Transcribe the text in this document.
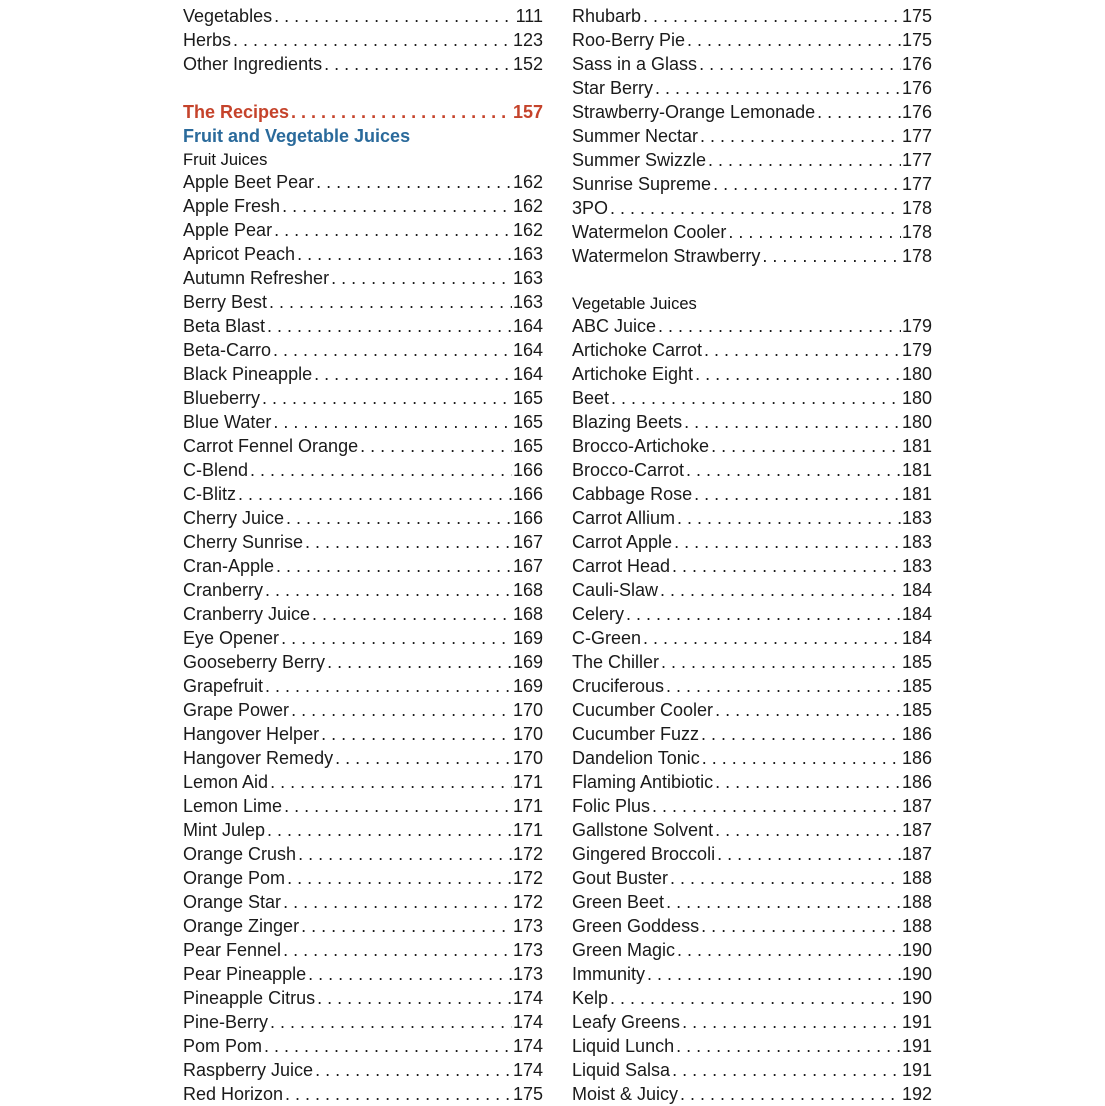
Vegetables . . .	111
Herbs . . .	123
Other Ingredients . . .	152
The Recipes . . .	157
Fruit and Vegetable Juices
Fruit Juices
Apple Beet Pear . . .	162
Apple Fresh . . .	162
Apple Pear . . .	162
Apricot Peach . . .	163
Autumn Refresher . . .	163
Berry Best . . .	163
Beta Blast . . .	164
Beta-Carro . . .	164
Black Pineapple . . .	164
Blueberry . . .	165
Blue Water . . .	165
Carrot Fennel Orange . . .	165
C-Blend . . .	166
C-Blitz . . .	166
Cherry Juice . . .	166
Cherry Sunrise . . .	167
Cran-Apple . . .	167
Cranberry . . .	168
Cranberry Juice . . .	168
Eye Opener . . .	169
Gooseberry Berry . . .	169
Grapefruit . . .	169
Grape Power . . .	170
Hangover Helper . . .	170
Hangover Remedy . . .	170
Lemon Aid . . .	171
Lemon Lime . . .	171
Mint Julep . . .	171
Orange Crush . . .	172
Orange Pom . . .	172
Orange Star . . .	172
Orange Zinger . . .	173
Pear Fennel . . .	173
Pear Pineapple . . .	173
Pineapple Citrus . . .	174
Pine-Berry . . .	174
Pom Pom . . .	174
Raspberry Juice . . .	174
Red Horizon . . .	175
Rhubarb . . .	175
Roo-Berry Pie . . .	175
Sass in a Glass . . .	176
Star Berry . . .	176
Strawberry-Orange Lemonade . . .	176
Summer Nectar . . .	177
Summer Swizzle . . .	177
Sunrise Supreme . . .	177
3PO . . .	178
Watermelon Cooler . . .	178
Watermelon Strawberry . . .	178
Vegetable Juices
ABC Juice . . .	179
Artichoke Carrot . . .	179
Artichoke Eight . . .	180
Beet . . .	180
Blazing Beets . . .	180
Brocco-Artichoke . . .	181
Brocco-Carrot . . .	181
Cabbage Rose . . .	181
Carrot Allium . . .	183
Carrot Apple . . .	183
Carrot Head . . .	183
Cauli-Slaw . . .	184
Celery . . .	184
C-Green . . .	184
The Chiller . . .	185
Cruciferous . . .	185
Cucumber Cooler . . .	185
Cucumber Fuzz . . .	186
Dandelion Tonic . . .	186
Flaming Antibiotic . . .	186
Folic Plus . . .	187
Gallstone Solvent . . .	187
Gingered Broccoli . . .	187
Gout Buster . . .	188
Green Beet . . .	188
Green Goddess . . .	188
Green Magic . . .	190
Immunity . . .	190
Kelp . . .	190
Leafy Greens . . .	191
Liquid Lunch . . .	191
Liquid Salsa . . .	191
Moist & Juicy . . .	192
